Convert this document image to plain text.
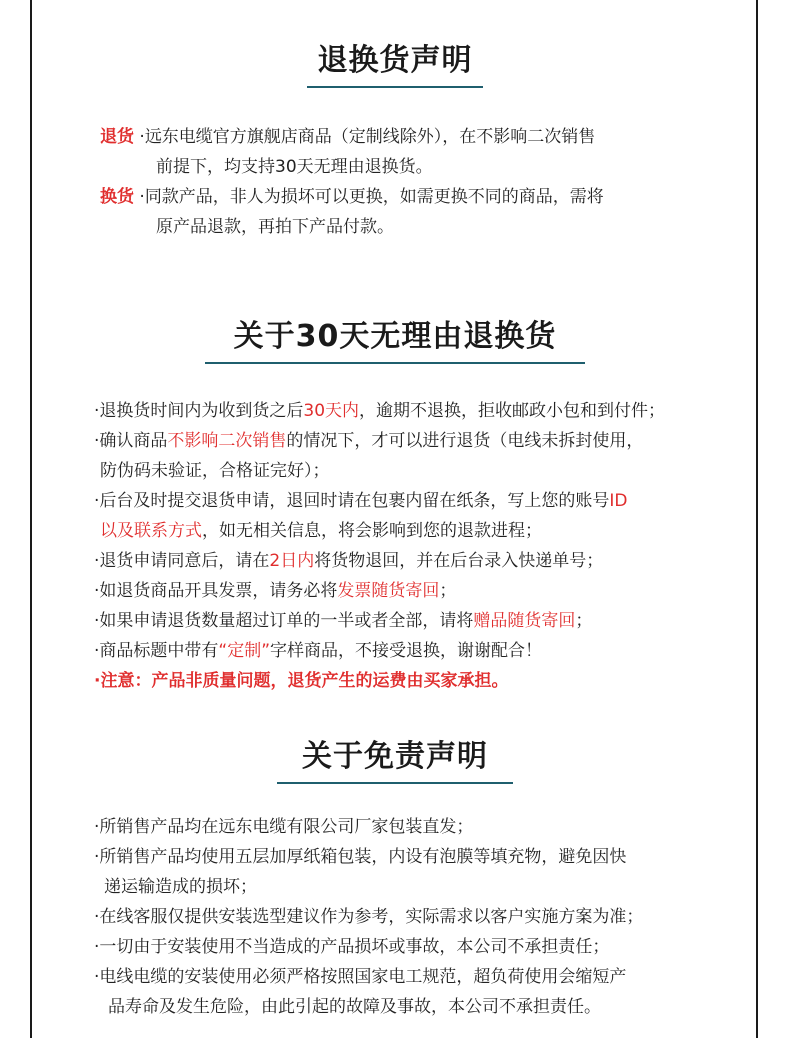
退换货声明
退货 ·远东电缆官方旗舰店商品（定制线除外），在不影响二次销售
前提下，均支持30天无理由退换货。
换货 ·同款产品，非人为损坏可以更换，如需更换不同的商品，需将
原产品退款，再拍下产品付款。
关于30天无理由退换货
·退换货时间内为收到货之后30天内，逾期不退换，拒收邮政小包和到付件；
·确认商品不影响二次销售的情况下，才可以进行退货（电线未拆封使用，
防伪码未验证，合格证完好）；
·后台及时提交退货申请，退回时请在包裹内留在纸条，写上您的账号ID
以及联系方式，如无相关信息，将会影响到您的退款进程；
·退货申请同意后，请在2日内将货物退回，并在后台录入快递单号；
·如退货商品开具发票，请务必将发票随货寄回；
·如果申请退货数量超过订单的一半或者全部，请将赠品随货寄回；
·商品标题中带有“定制”字样商品，不接受退换，谢谢配合！
·注意：产品非质量问题，退货产生的运费由买家承担。
关于免责声明
·所销售产品均在远东电缆有限公司厂家包装直发；
·所销售产品均使用五层加厚纸箱包装，内设有泡膜等填充物，避免因快
递运输造成的损坏；
·在线客服仅提供安装选型建议作为参考，实际需求以客户实施方案为准；
·一切由于安装使用不当造成的产品损坏或事故，本公司不承担责任；
·电线电缆的安装使用必须严格按照国家电工规范，超负荷使用会缩短产
品寿命及发生危险，由此引起的故障及事故，本公司不承担责任。
